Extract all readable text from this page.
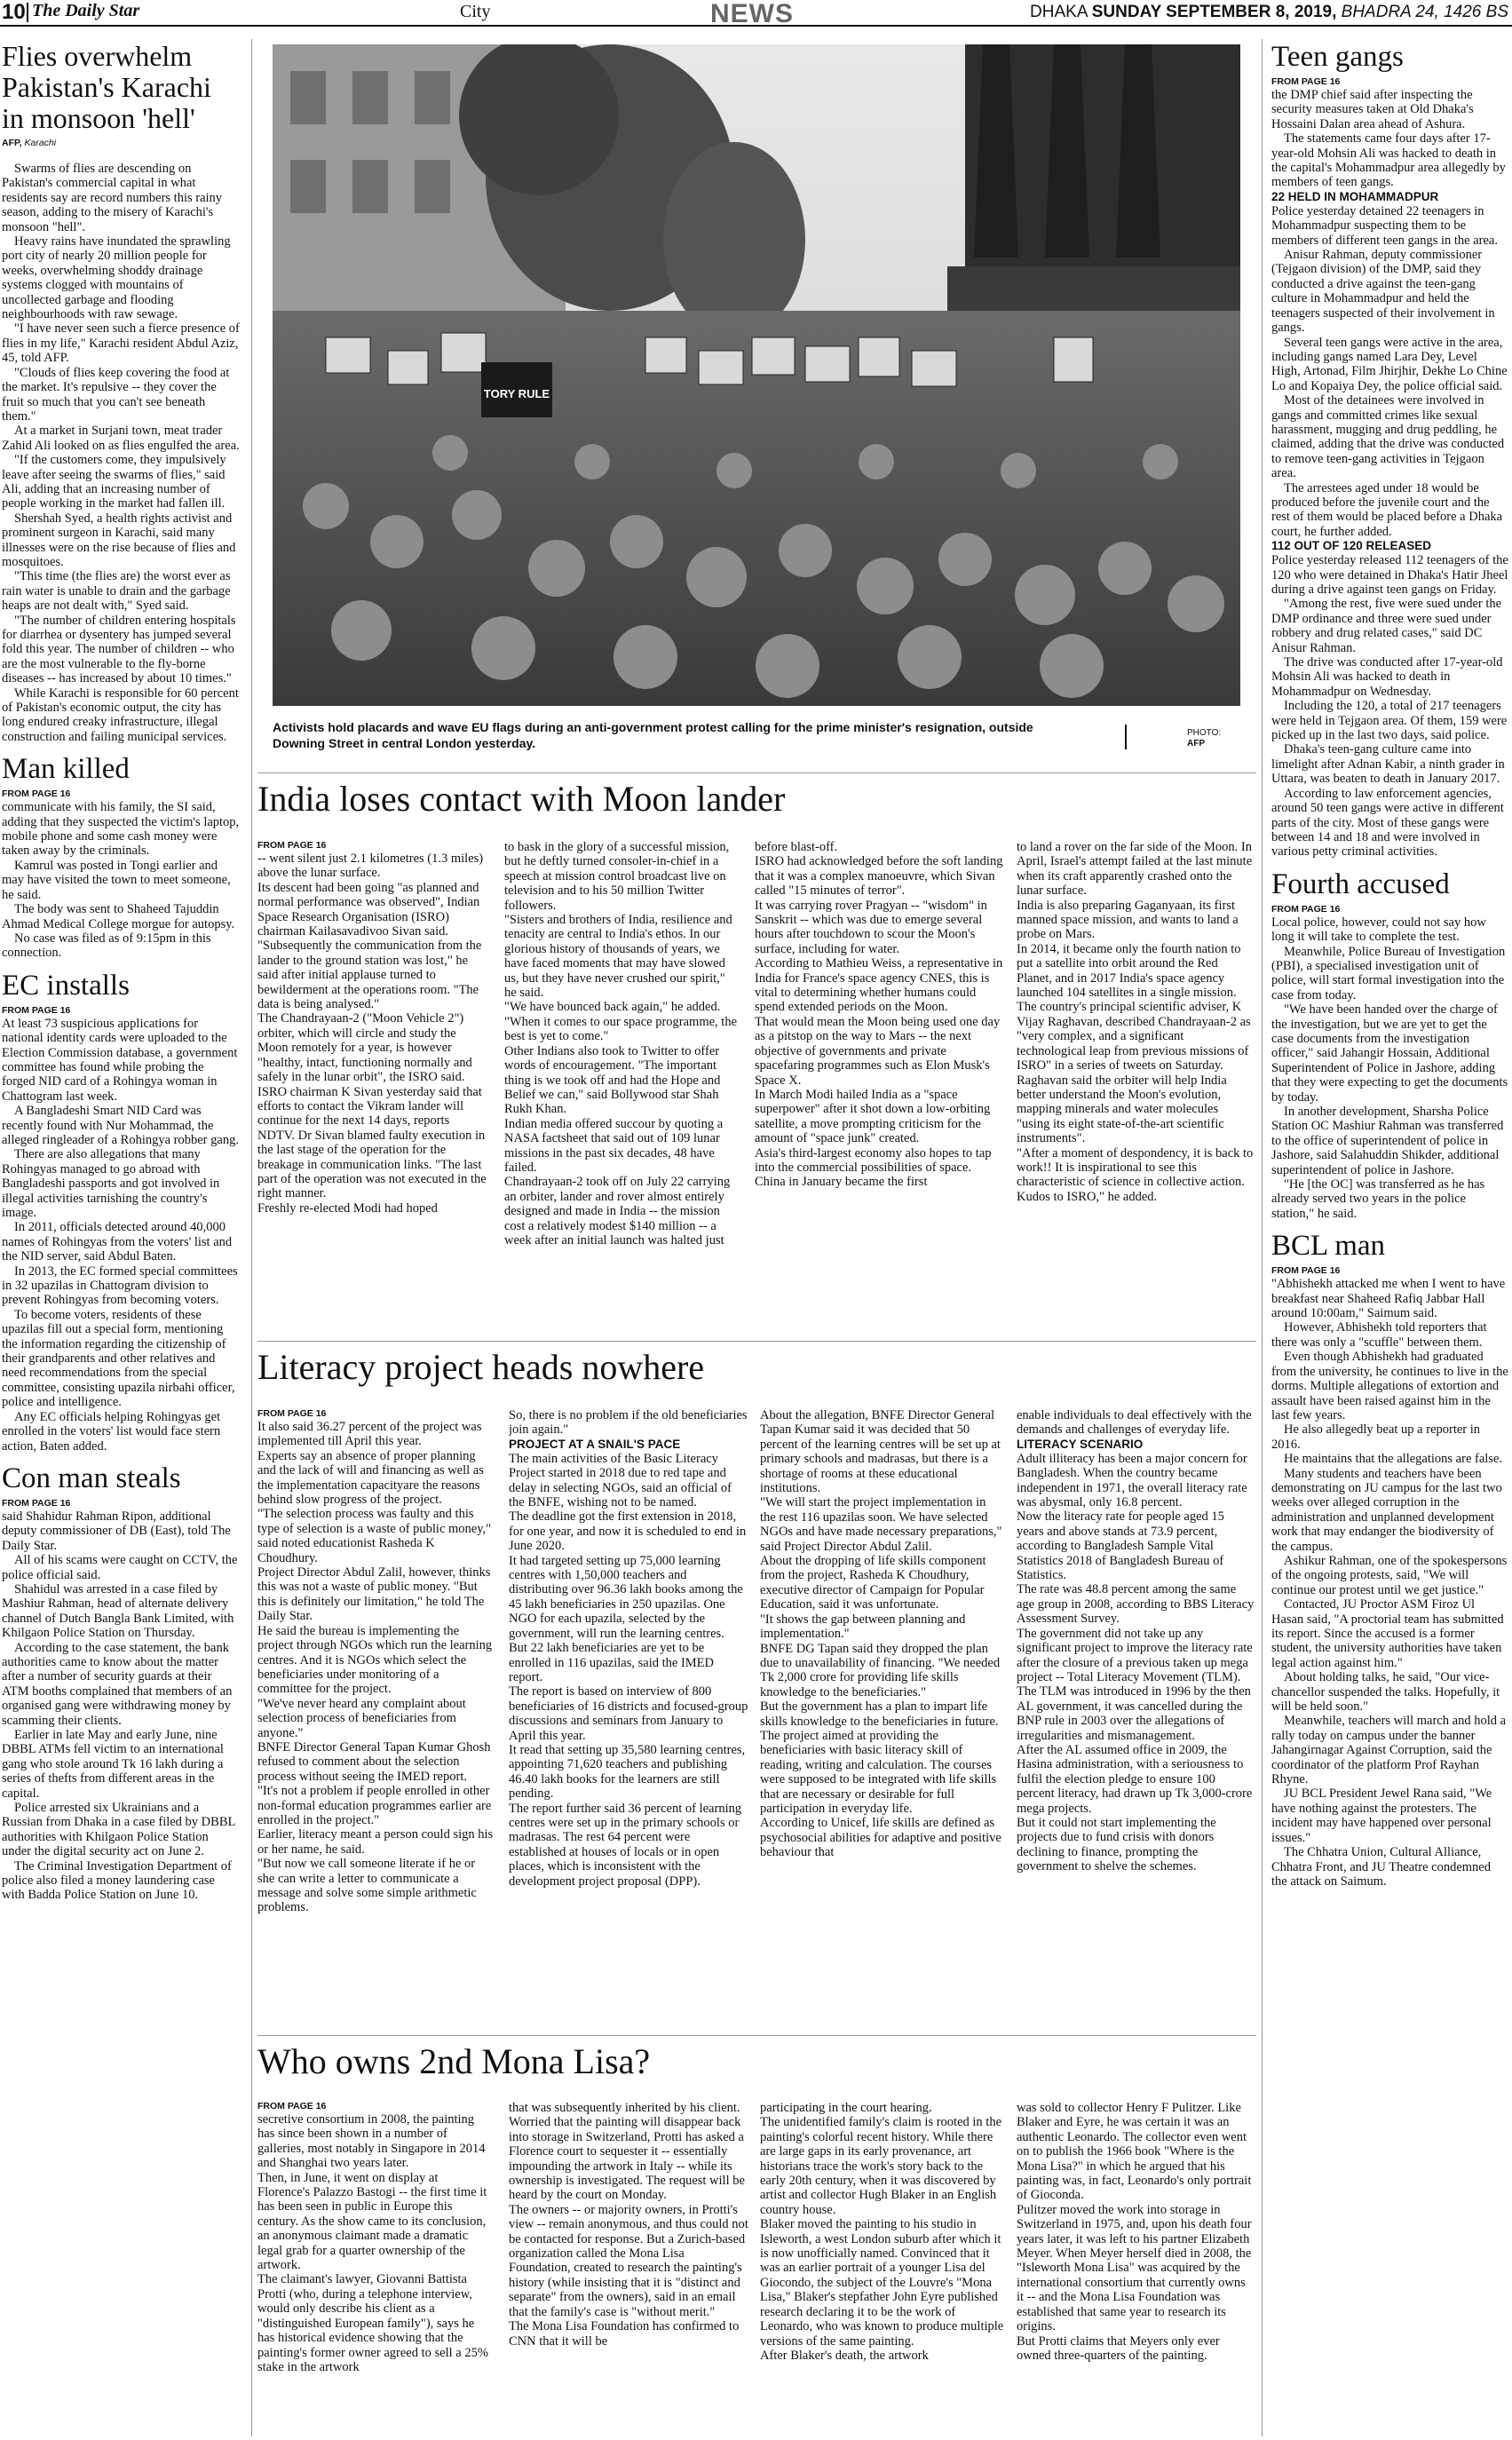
10 The Daily Star	City	NEWS	DHAKA SUNDAY SEPTEMBER 8, 2019, BHADRA 24, 1426 BS
Flies overwhelm Pakistan's Karachi in monsoon 'hell'
AFP, Karachi

Swarms of flies are descending on Pakistan's commercial capital in what residents say are record numbers this rainy season, adding to the misery of Karachi's monsoon "hell".

Heavy rains have inundated the sprawling port city of nearly 20 million people for weeks, overwhelming shoddy drainage systems clogged with mountains of uncollected garbage and flooding neighbourhoods with raw sewage.

"I have never seen such a fierce presence of flies in my life," Karachi resident Abdul Aziz, 45, told AFP.

"Clouds of flies keep covering the food at the market. It's repulsive -- they cover the fruit so much that you can't see beneath them."

At a market in Surjani town, meat trader Zahid Ali looked on as flies engulfed the area.

"If the customers come, they impulsively leave after seeing the swarms of flies," said Ali, adding that an increasing number of people working in the market had fallen ill.

Shershah Syed, a health rights activist and prominent surgeon in Karachi, said many illnesses were on the rise because of flies and mosquitoes.

"This time (the flies are) the worst ever as rain water is unable to drain and the garbage heaps are not dealt with," Syed said.

"The number of children entering hospitals for diarrhea or dysentery has jumped several fold this year. The number of children -- who are the most vulnerable to the fly-borne diseases -- has increased by about 10 times."

While Karachi is responsible for 60 percent of Pakistan's economic output, the city has long endured creaky infrastructure, illegal construction and failing municipal services.

Man killed
FROM PAGE 16

communicate with his family, the SI said, adding that they suspected the victim's laptop, mobile phone and some cash money were taken away by the criminals.

Kamrul was posted in Tongi earlier and may have visited the town to meet someone, he said.

The body was sent to Shaheed Tajuddin Ahmad Medical College morgue for autopsy.

No case was filed as of 9:15pm in this connection.

EC installs
FROM PAGE 16

At least 73 suspicious applications for national identity cards were uploaded to the Election Commission database, a government committee has found while probing the forged NID card of a Rohingya woman in Chattogram last week.

A Bangladeshi Smart NID Card was recently found with Nur Mohammad, the alleged ringleader of a Rohingya robber gang.

There are also allegations that many Rohingyas managed to go abroad with Bangladeshi passports and got involved in illegal activities tarnishing the country's image.

In 2011, officials detected around 40,000 names of Rohingyas from the voters' list and the NID server, said Abdul Baten.

In 2013, the EC formed special committees in 32 upazilas in Chattogram division to prevent Rohingyas from becoming voters.

To become voters, residents of these upazilas fill out a special form, mentioning the information regarding the citizenship of their grandparents and other relatives and need recommendations from the special committee, consisting upazila nirbahi officer, police and intelligence.

Any EC officials helping Rohingyas get enrolled in the voters' list would face stern action, Baten added.

Con man steals
FROM PAGE 16

said Shahidur Rahman Ripon, additional deputy commissioner of DB (East), told The Daily Star.

All of his scams were caught on CCTV, the police official said.

Shahidul was arrested in a case filed by Mashiur Rahman, head of alternate delivery channel of Dutch Bangla Bank Limited, with Khilgaon Police Station on Thursday.

According to the case statement, the bank authorities came to know about the matter after a number of security guards at their ATM booths complained that members of an organised gang were withdrawing money by scamming their clients.

Earlier in late May and early June, nine DBBL ATMs fell victim to an international gang who stole around Tk 16 lakh during a series of thefts from different areas in the capital.

Police arrested six Ukrainians and a Russian from Dhaka in a case filed by DBBL authorities with Khilgaon Police Station under the digital security act on June 2.

The Criminal Investigation Department of police also filed a money laundering case with Badda Police Station on June 10.

TORY RULE
Activists hold placards and wave EU flags during an anti-government protest calling for the prime minister's resignation, outside Downing Street in central London yesterday.
PHOTO:
AFP
India loses contact with Moon lander
FROM PAGE 16

-- went silent just 2.1 kilometres (1.3 miles) above the lunar surface.

Its descent had been going "as planned and normal performance was observed", Indian Space Research Organisation (ISRO) chairman Kailasavadivoo Sivan said.

"Subsequently the communication from the lander to the ground station was lost," he said after initial applause turned to bewilderment at the operations room. "The data is being analysed."

The Chandrayaan-2 ("Moon Vehicle 2") orbiter, which will circle and study the Moon remotely for a year, is however "healthy, intact, functioning normally and safely in the lunar orbit", the ISRO said.

ISRO chairman K Sivan yesterday said that efforts to contact the Vikram lander will continue for the next 14 days, reports NDTV. Dr Sivan blamed faulty execution in the last stage of the operation for the breakage in communication links. "The last part of the operation was not executed in the right manner.

Freshly re-elected Modi had hoped

to bask in the glory of a successful mission, but he deftly turned consoler-in-chief in a speech at mission control broadcast live on television and to his 50 million Twitter followers.

"Sisters and brothers of India, resilience and tenacity are central to India's ethos. In our glorious history of thousands of years, we have faced moments that may have slowed us, but they have never crushed our spirit," he said.

"We have bounced back again," he added. "When it comes to our space programme, the best is yet to come."

Other Indians also took to Twitter to offer words of encouragement. "The important thing is we took off and had the Hope and Belief we can," said Bollywood star Shah Rukh Khan.

Indian media offered succour by quoting a NASA factsheet that said out of 109 lunar missions in the past six decades, 48 have failed.

Chandrayaan-2 took off on July 22 carrying an orbiter, lander and rover almost entirely designed and made in India -- the mission cost a relatively modest $140 million -- a week after an initial launch was halted just

before blast-off.

ISRO had acknowledged before the soft landing that it was a complex manoeuvre, which Sivan called "15 minutes of terror".

It was carrying rover Pragyan -- "wisdom" in Sanskrit -- which was due to emerge several hours after touchdown to scour the Moon's surface, including for water.

According to Mathieu Weiss, a representative in India for France's space agency CNES, this is vital to determining whether humans could spend extended periods on the Moon.

That would mean the Moon being used one day as a pitstop on the way to Mars -- the next objective of governments and private spacefaring programmes such as Elon Musk's Space X.

In March Modi hailed India as a "space superpower" after it shot down a low-orbiting satellite, a move prompting criticism for the amount of "space junk" created.

Asia's third-largest economy also hopes to tap into the commercial possibilities of space.

China in January became the first

to land a rover on the far side of the Moon. In April, Israel's attempt failed at the last minute when its craft apparently crashed onto the lunar surface.

India is also preparing Gaganyaan, its first manned space mission, and wants to land a probe on Mars.

In 2014, it became only the fourth nation to put a satellite into orbit around the Red Planet, and in 2017 India's space agency launched 104 satellites in a single mission.

The country's principal scientific adviser, K Vijay Raghavan, described Chandrayaan-2 as "very complex, and a significant technological leap from previous missions of ISRO" in a series of tweets on Saturday.

Raghavan said the orbiter will help India better understand the Moon's evolution, mapping minerals and water molecules "using its eight state-of-the-art scientific instruments".

"After a moment of despondency, it is back to work!! It is inspirational to see this characteristic of science in collective action. Kudos to ISRO," he added.

Literacy project heads nowhere
FROM PAGE 16

It also said 36.27 percent of the project was implemented till April this year.

Experts say an absence of proper planning and the lack of will and financing as well as the implementation capacityare the reasons behind slow progress of the project.

"The selection process was faulty and this type of selection is a waste of public money," said noted educationist Rasheda K Choudhury.

Project Director Abdul Zalil, however, thinks this was not a waste of public money. "But this is definitely our limitation," he told The Daily Star.

He said the bureau is implementing the project through NGOs which run the learning centres. And it is NGOs which select the beneficiaries under monitoring of a committee for the project.

"We've never heard any complaint about selection process of beneficiaries from anyone."

BNFE Director General Tapan Kumar Ghosh refused to comment about the selection process without seeing the IMED report.

"It's not a problem if people enrolled in other non-formal education programmes earlier are enrolled in the project."

Earlier, literacy meant a person could sign his or her name, he said.

"But now we call someone literate if he or she can write a letter to communicate a message and solve some simple arithmetic problems.

So, there is no problem if the old beneficiaries join again."

PROJECT AT A SNAIL'S PACE

The main activities of the Basic Literacy Project started in 2018 due to red tape and delay in selecting NGOs, said an official of the BNFE, wishing not to be named.

The deadline got the first extension in 2018, for one year, and now it is scheduled to end in June 2020.

It had targeted setting up 75,000 learning centres with 1,50,000 teachers and distributing over 96.36 lakh books among the 45 lakh beneficiaries in 250 upazilas. One NGO for each upazila, selected by the government, will run the learning centres.

But 22 lakh beneficiaries are yet to be enrolled in 116 upazilas, said the IMED report.

The report is based on interview of 800 beneficiaries of 16 districts and focused-group discussions and seminars from January to April this year.

It read that setting up 35,580 learning centres, appointing 71,620 teachers and publishing 46.40 lakh books for the learners are still pending.

The report further said 36 percent of learning centres were set up in the primary schools or madrasas. The rest 64 percent were established at houses of locals or in open places, which is inconsistent with the development project proposal (DPP).

About the allegation, BNFE Director General Tapan Kumar said it was decided that 50 percent of the learning centres will be set up at primary schools and madrasas, but there is a shortage of rooms at these educational institutions.

"We will start the project implementation in the rest 116 upazilas soon. We have selected NGOs and have made necessary preparations," said Project Director Abdul Zalil.

About the dropping of life skills component from the project, Rasheda K Choudhury, executive director of Campaign for Popular Education, said it was unfortunate.

"It shows the gap between planning and implementation."

BNFE DG Tapan said they dropped the plan due to unavailability of financing. "We needed Tk 2,000 crore for providing life skills knowledge to the beneficiaries."

But the government has a plan to impart life skills knowledge to the beneficiaries in future.

The project aimed at providing the beneficiaries with basic literacy skill of reading, writing and calculation. The courses were supposed to be integrated with life skills that are necessary or desirable for full participation in everyday life.

According to Unicef, life skills are defined as psychosocial abilities for adaptive and positive behaviour that

enable individuals to deal effectively with the demands and challenges of everyday life.

LITERACY SCENARIO

Adult illiteracy has been a major concern for Bangladesh. When the country became independent in 1971, the overall literacy rate was abysmal, only 16.8 percent.

Now the literacy rate for people aged 15 years and above stands at 73.9 percent, according to Bangladesh Sample Vital Statistics 2018 of Bangladesh Bureau of Statistics.

The rate was 48.8 percent among the same age group in 2008, according to BBS Literacy Assessment Survey.

The government did not take up any significant project to improve the literacy rate after the closure of a previous taken up mega project -- Total Literacy Movement (TLM).

The TLM was introduced in 1996 by the then AL government, it was cancelled during the BNP rule in 2003 over the allegations of irregularities and mismanagement.

After the AL assumed office in 2009, the Hasina administration, with a seriousness to fulfil the election pledge to ensure 100 percent literacy, had drawn up Tk 3,000-crore mega projects.

But it could not start implementing the projects due to fund crisis with donors declining to finance, prompting the government to shelve the schemes.

Who owns 2nd Mona Lisa?
FROM PAGE 16

secretive consortium in 2008, the painting has since been shown in a number of galleries, most notably in Singapore in 2014 and Shanghai two years later.

Then, in June, it went on display at Florence's Palazzo Bastogi -- the first time it has been seen in public in Europe this century. As the show came to its conclusion, an anonymous claimant made a dramatic legal grab for a quarter ownership of the artwork.

The claimant's lawyer, Giovanni Battista Protti (who, during a telephone interview, would only describe his client as a "distinguished European family"), says he has historical evidence showing that the painting's former owner agreed to sell a 25% stake in the artwork

that was subsequently inherited by his client. Worried that the painting will disappear back into storage in Switzerland, Protti has asked a Florence court to sequester it -- essentially impounding the artwork in Italy -- while its ownership is investigated. The request will be heard by the court on Monday.

The owners -- or majority owners, in Protti's view -- remain anonymous, and thus could not be contacted for response. But a Zurich-based organization called the Mona Lisa Foundation, created to research the painting's history (while insisting that it is "distinct and separate" from the owners), said in an email that the family's case is "without merit."

The Mona Lisa Foundation has confirmed to CNN that it will be

participating in the court hearing.

The unidentified family's claim is rooted in the painting's colorful recent history. While there are large gaps in its early provenance, art historians trace the work's story back to the early 20th century, when it was discovered by artist and collector Hugh Blaker in an English country house.

Blaker moved the painting to his studio in Isleworth, a west London suburb after which it is now unofficially named. Convinced that it was an earlier portrait of a younger Lisa del Giocondo, the subject of the Louvre's "Mona Lisa," Blaker's stepfather John Eyre published research declaring it to be the work of Leonardo, who was known to produce multiple versions of the same painting.

After Blaker's death, the artwork

was sold to collector Henry F Pulitzer. Like Blaker and Eyre, he was certain it was an authentic Leonardo. The collector even went on to publish the 1966 book "Where is the Mona Lisa?" in which he argued that his painting was, in fact, Leonardo's only portrait of Gioconda.

Pulitzer moved the work into storage in Switzerland in 1975, and, upon his death four years later, it was left to his partner Elizabeth Meyer. When Meyer herself died in 2008, the "Isleworth Mona Lisa" was acquired by the international consortium that currently owns it -- and the Mona Lisa Foundation was established that same year to research its origins.

But Protti claims that Meyers only ever owned three-quarters of the painting.

Teen gangs
FROM PAGE 16

the DMP chief said after inspecting the security measures taken at Old Dhaka's Hossaini Dalan area ahead of Ashura.

The statements came four days after 17-year-old Mohsin Ali was hacked to death in the capital's Mohammadpur area allegedly by members of teen gangs.

22 HELD IN MOHAMMADPUR

Police yesterday detained 22 teenagers in Mohammadpur suspecting them to be members of different teen gangs in the area.

Anisur Rahman, deputy commissioner (Tejgaon division) of the DMP, said they conducted a drive against the teen-gang culture in Mohammadpur and held the teenagers suspected of their involvement in gangs.

Several teen gangs were active in the area, including gangs named Lara Dey, Level High, Artonad, Film Jhirjhir, Dekhe Lo Chine Lo and Kopaiya Dey, the police official said.

Most of the detainees were involved in gangs and committed crimes like sexual harassment, mugging and drug peddling, he claimed, adding that the drive was conducted to remove teen-gang activities in Tejgaon area.

The arrestees aged under 18 would be produced before the juvenile court and the rest of them would be placed before a Dhaka court, he further added.

112 OUT OF 120 RELEASED

Police yesterday released 112 teenagers of the 120 who were detained in Dhaka's Hatir Jheel during a drive against teen gangs on Friday.

"Among the rest, five were sued under the DMP ordinance and three were sued under robbery and drug related cases," said DC Anisur Rahman.

The drive was conducted after 17-year-old Mohsin Ali was hacked to death in Mohammadpur on Wednesday.

Including the 120, a total of 217 teenagers were held in Tejgaon area. Of them, 159 were picked up in the last two days, said police.

Dhaka's teen-gang culture came into limelight after Adnan Kabir, a ninth grader in Uttara, was beaten to death in January 2017.

According to law enforcement agencies, around 50 teen gangs were active in different parts of the city. Most of these gangs were between 14 and 18 and were involved in various petty criminal activities.

Fourth accused
FROM PAGE 16

Local police, however, could not say how long it will take to complete the test.

Meanwhile, Police Bureau of Investigation (PBI), a specialised investigation unit of police, will start formal investigation into the case from today.

"We have been handed over the charge of the investigation, but we are yet to get the case documents from the investigation officer," said Jahangir Hossain, Additional Superintendent of Police in Jashore, adding that they were expecting to get the documents by today.

In another development, Sharsha Police Station OC Mashiur Rahman was transferred to the office of superintendent of police in Jashore, said Salahuddin Shikder, additional superintendent of police in Jashore.

"He [the OC] was transferred as he has already served two years in the police station," he said.

BCL man
FROM PAGE 16

"Abhishekh attacked me when I went to have breakfast near Shaheed Rafiq Jabbar Hall around 10:00am," Saimum said.

However, Abhishekh told reporters that there was only a "scuffle" between them.

Even though Abhishekh had graduated from the university, he continues to live in the dorms. Multiple allegations of extortion and assault have been raised against him in the last few years.

He also allegedly beat up a reporter in 2016.

He maintains that the allegations are false.

Many students and teachers have been demonstrating on JU campus for the last two weeks over alleged corruption in the administration and unplanned development work that may endanger the biodiversity of the campus.

Ashikur Rahman, one of the spokespersons of the ongoing protests, said, "We will continue our protest until we get justice."

Contacted, JU Proctor ASM Firoz Ul Hasan said, "A proctorial team has submitted its report. Since the accused is a former student, the university authorities have taken legal action against him."

About holding talks, he said, "Our vice-chancellor suspended the talks. Hopefully, it will be held soon."

Meanwhile, teachers will march and hold a rally today on campus under the banner Jahangirnagar Against Corruption, said the coordinator of the platform Prof Rayhan Rhyne.

JU BCL President Jewel Rana said, "We have nothing against the protesters. The incident may have happened over personal issues."

The Chhatra Union, Cultural Alliance, Chhatra Front, and JU Theatre condemned the attack on Saimum.
